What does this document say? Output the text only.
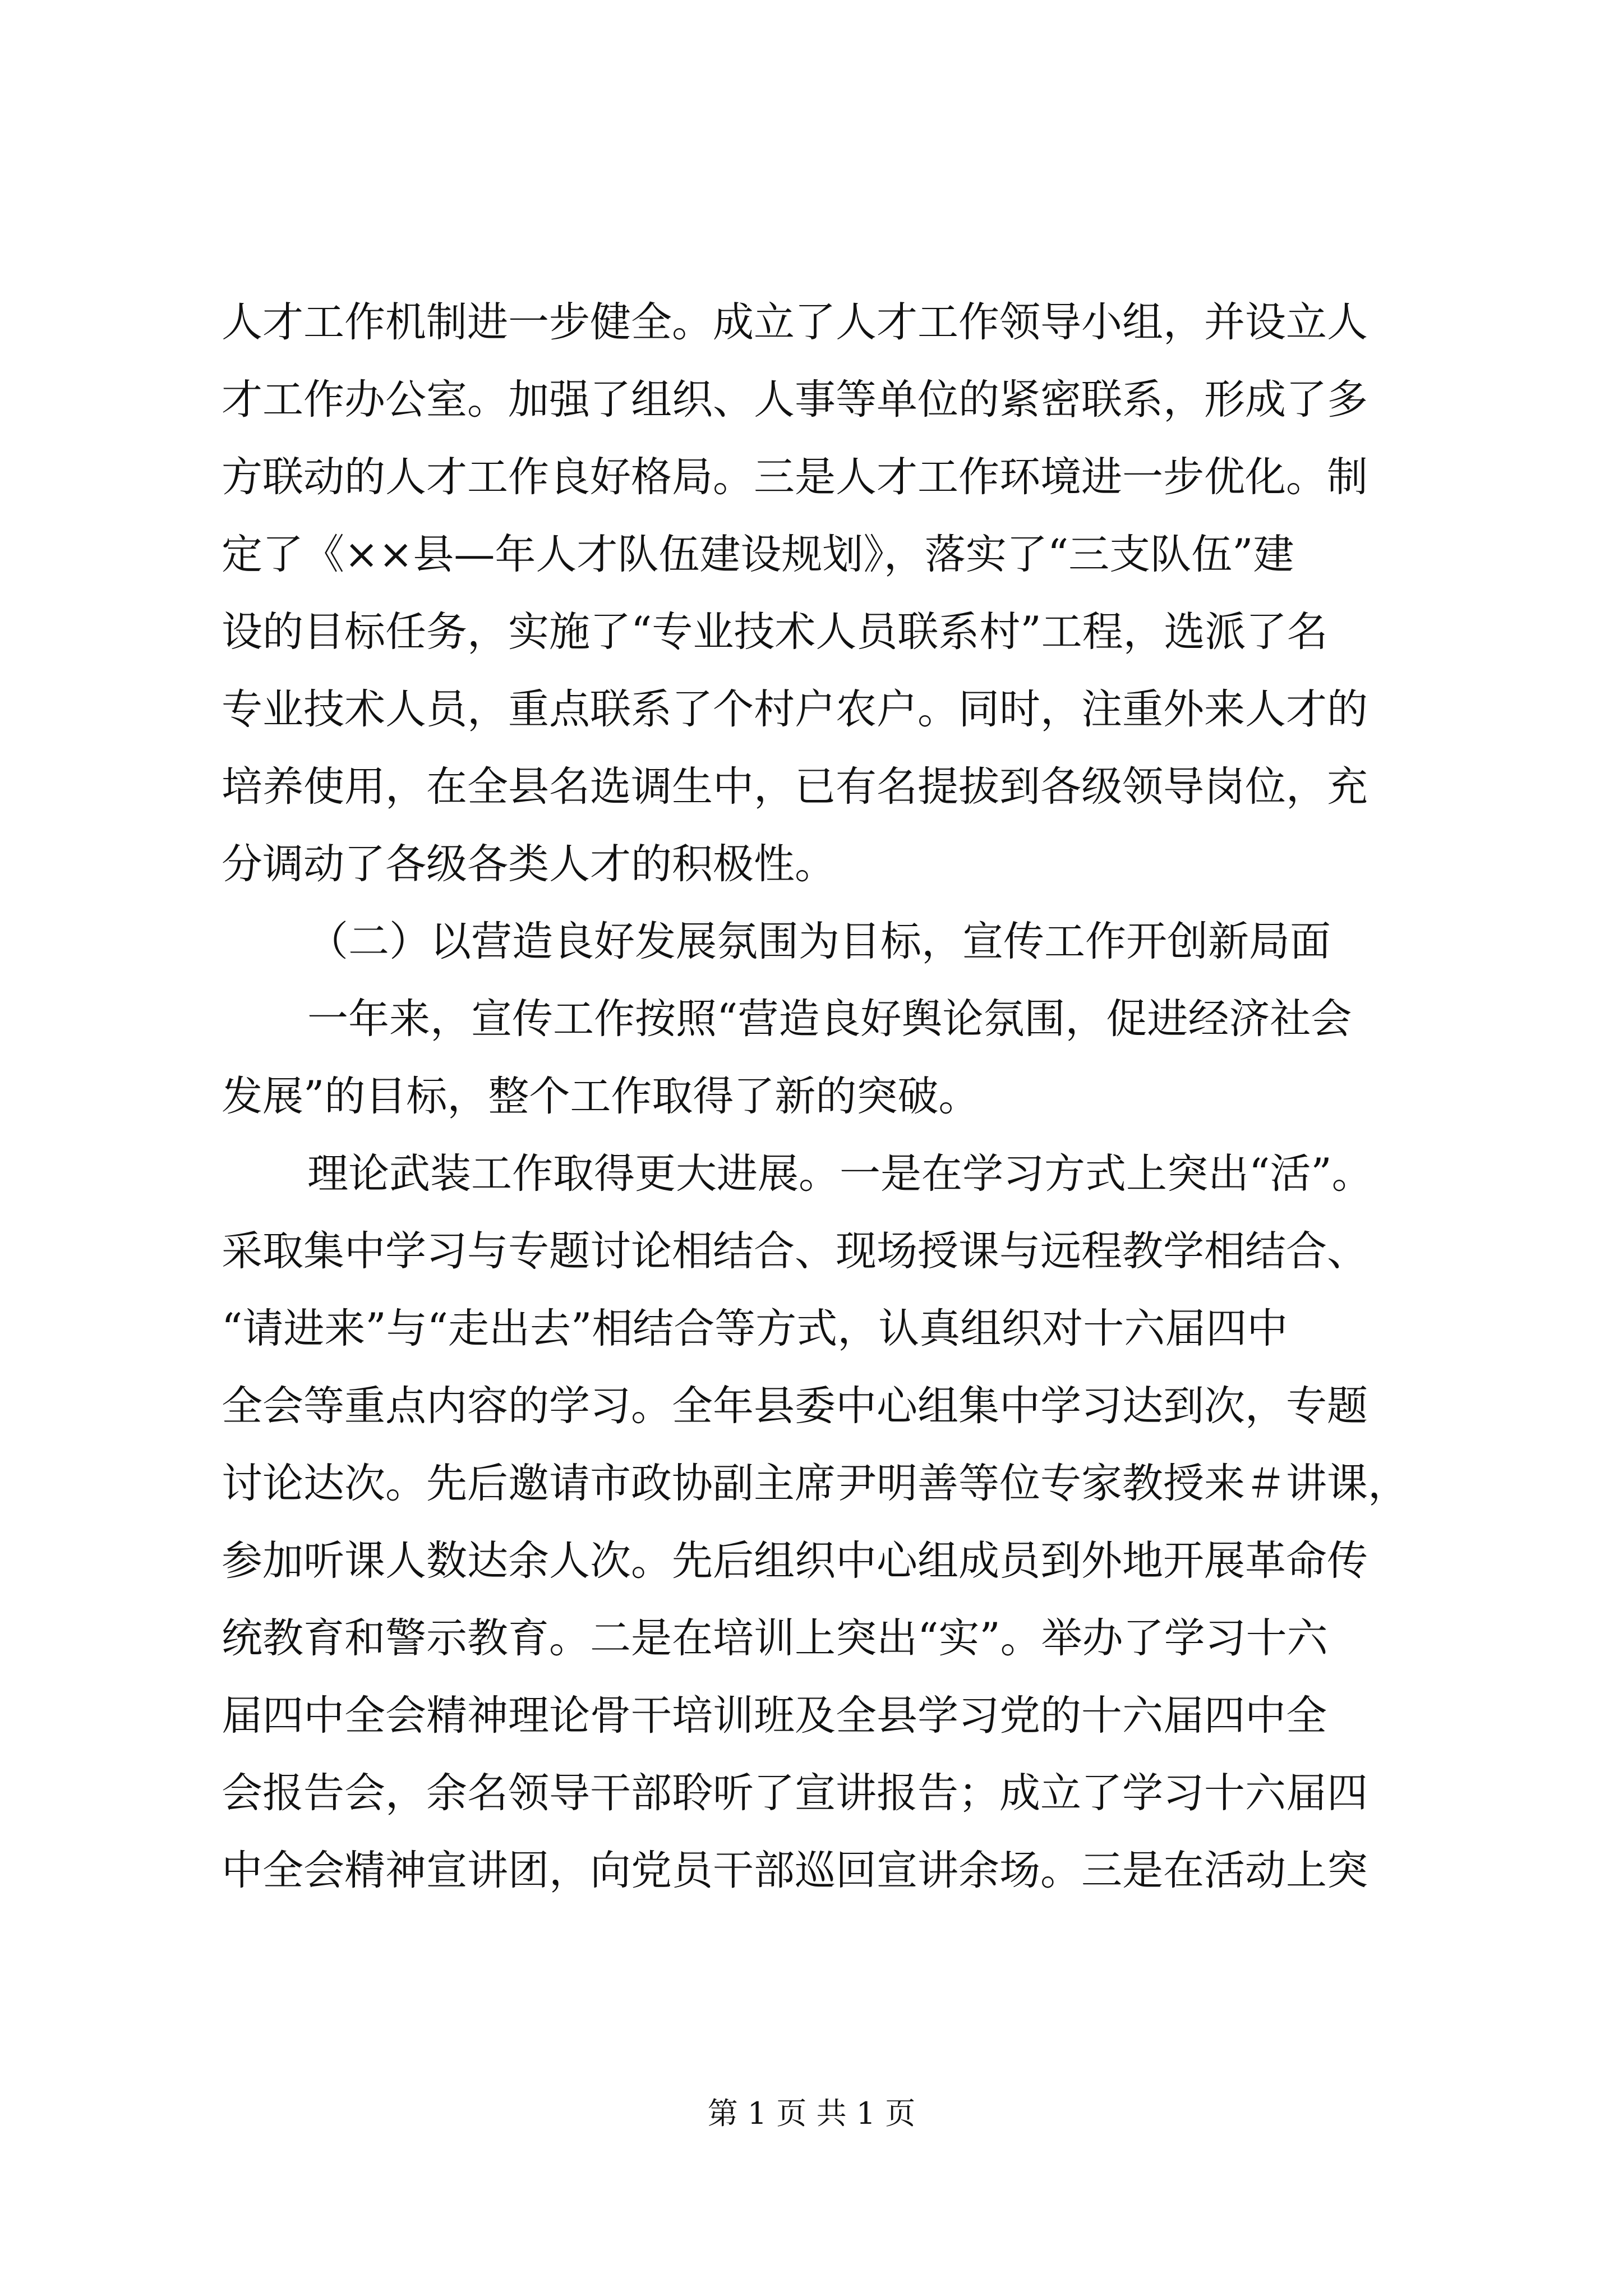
人才工作机制进一步健全。成立了人才工作领导小组，并设立人
才工作办公室。加强了组织、人事等单位的紧密联系，形成了多
方联动的人才工作良好格局。三是人才工作环境进一步优化。制
定了《××县—年人才队伍建设规划》，落实了“三支队伍”建
设的目标任务，实施了“专业技术人员联系村”工程，选派了名
专业技术人员，重点联系了个村户农户。同时，注重外来人才的
培养使用，在全县名选调生中，已有名提拔到各级领导岗位，充
分调动了各级各类人才的积极性。
（二）以营造良好发展氛围为目标，宣传工作开创新局面
一年来，宣传工作按照“营造良好舆论氛围，促进经济社会
发展”的目标，整个工作取得了新的突破。
理论武装工作取得更大进展。一是在学习方式上突出“活”。
采取集中学习与专题讨论相结合、现场授课与远程教学相结合、
“请进来”与“走出去”相结合等方式，认真组织对十六届四中
全会等重点内容的学习。全年县委中心组集中学习达到次，专题
讨论达次。先后邀请市政协副主席尹明善等位专家教授来＃讲课，
参加听课人数达余人次。先后组织中心组成员到外地开展革命传
统教育和警示教育。二是在培训上突出“实”。举办了学习十六
届四中全会精神理论骨干培训班及全县学习党的十六届四中全
会报告会，余名领导干部聆听了宣讲报告；成立了学习十六届四
中全会精神宣讲团，向党员干部巡回宣讲余场。三是在活动上突
第 1 页 共 1 页
